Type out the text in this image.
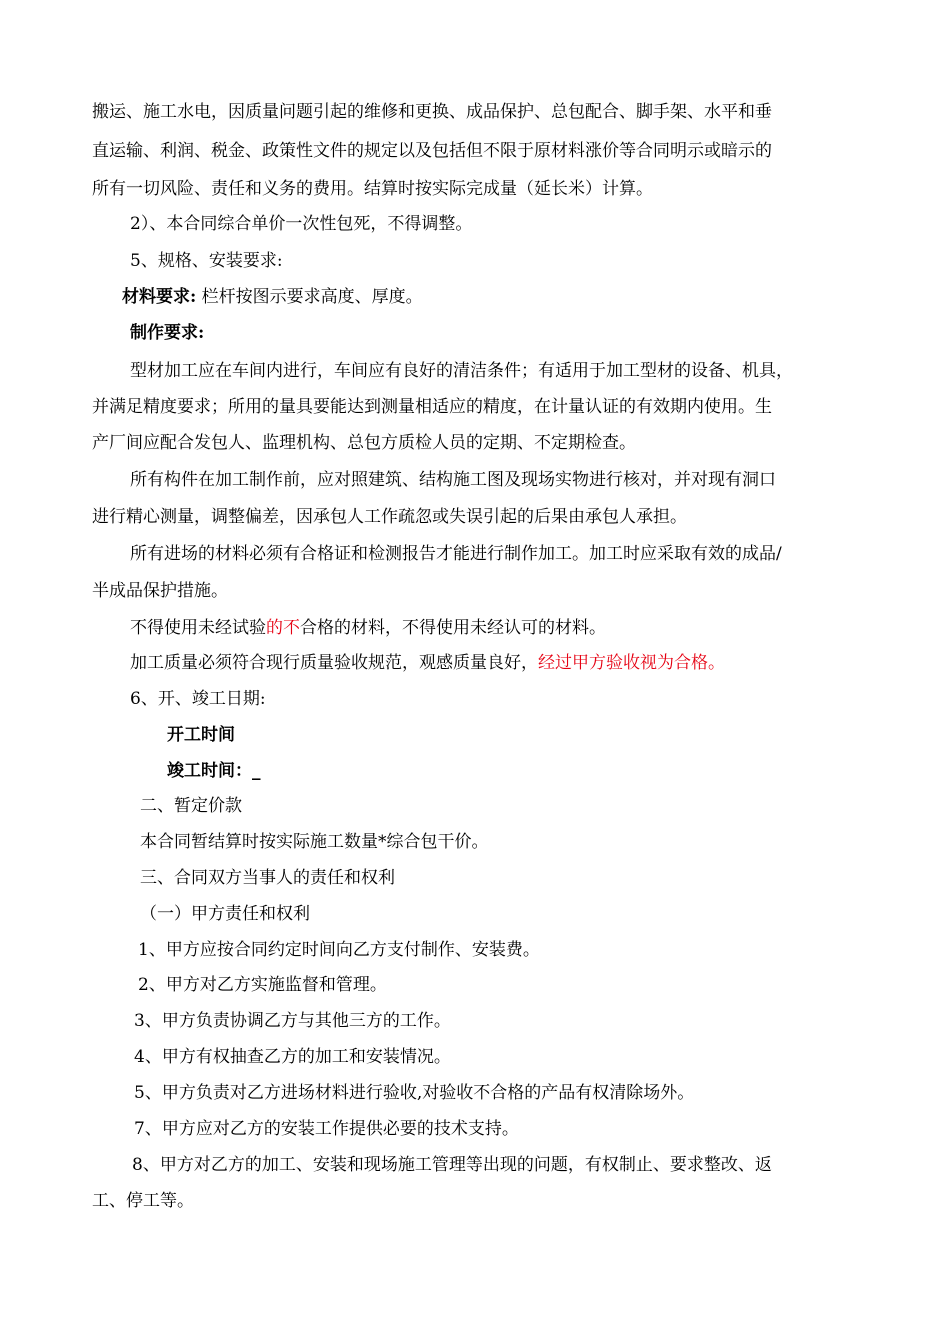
搬运、施工水电，因质量问题引起的维修和更换、成品保护、总包配合、脚手架、水平和垂
直运输、利润、税金、政策性文件的规定以及包括但不限于原材料涨价等合同明示或暗示的
所有一切风险、责任和义务的费用。结算时按实际完成量（延长米）计算。
2）、本合同综合单价一次性包死，不得调整。
5、规格、安装要求:
材料要求: 栏杆按图示要求高度、厚度。
制作要求:
型材加工应在车间内进行，车间应有良好的清洁条件；有适用于加工型材的设备、机具，
并满足精度要求；所用的量具要能达到测量相适应的精度，在计量认证的有效期内使用。生
产厂间应配合发包人、监理机构、总包方质检人员的定期、不定期检查。
所有构件在加工制作前，应对照建筑、结构施工图及现场实物进行核对，并对现有洞口
进行精心测量，调整偏差，因承包人工作疏忽或失误引起的后果由承包人承担。
所有进场的材料必须有合格证和检测报告才能进行制作加工。加工时应采取有效的成品/
半成品保护措施。
不得使用未经试验的不合格的材料，不得使用未经认可的材料。
加工质量必须符合现行质量验收规范，观感质量良好，经过甲方验收视为合格。
6、开、竣工日期:
开工时间
竣工时间：_
二、暂定价款
本合同暂结算时按实际施工数量*综合包干价。
三、合同双方当事人的责任和权利
（一）甲方责任和权利
1、甲方应按合同约定时间向乙方支付制作、安装费。
2、甲方对乙方实施监督和管理。
3、甲方负责协调乙方与其他三方的工作。
4、甲方有权抽查乙方的加工和安装情况。
5、甲方负责对乙方进场材料进行验收,对验收不合格的产品有权清除场外。
7、甲方应对乙方的安装工作提供必要的技术支持。
8、甲方对乙方的加工、安装和现场施工管理等出现的问题，有权制止、要求整改、返
工、停工等。
